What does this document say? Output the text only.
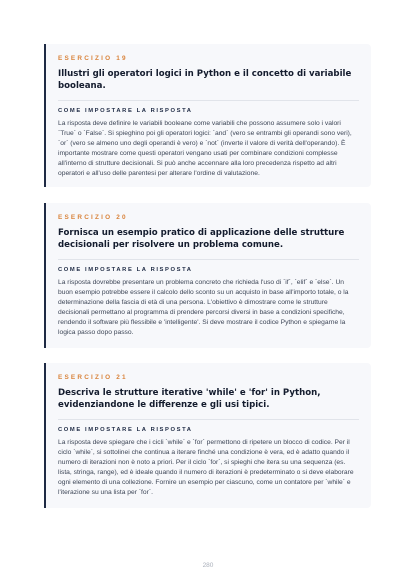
ESERCIZIO 19
Illustri gli operatori logici in Python e il concetto di variabile booleana.
COME IMPOSTARE LA RISPOSTA
La risposta deve definire le variabili booleane come variabili che possono assumere solo i valori `True` o `False`. Si spieghino poi gli operatori logici: `and` (vero se entrambi gli operandi sono veri), `or` (vero se almeno uno degli operandi è vero) e `not` (inverte il valore di verità dell'operando). È importante mostrare come questi operatori vengano usati per combinare condizioni complesse all'interno di strutture decisionali. Si può anche accennare alla loro precedenza rispetto ad altri operatori e all'uso delle parentesi per alterare l'ordine di valutazione.
ESERCIZIO 20
Fornisca un esempio pratico di applicazione delle strutture decisionali per risolvere un problema comune.
COME IMPOSTARE LA RISPOSTA
La risposta dovrebbe presentare un problema concreto che richieda l'uso di `if`, `elif` e `else`. Un buon esempio potrebbe essere il calcolo dello sconto su un acquisto in base all'importo totale, o la determinazione della fascia di età di una persona. L'obiettivo è dimostrare come le strutture decisionali permettano al programma di prendere percorsi diversi in base a condizioni specifiche, rendendo il software più flessibile e 'intelligente'. Si deve mostrare il codice Python e spiegarne la logica passo dopo passo.
ESERCIZIO 21
Descriva le strutture iterative 'while' e 'for' in Python, evidenziandone le differenze e gli usi tipici.
COME IMPOSTARE LA RISPOSTA
La risposta deve spiegare che i cicli `while` e `for` permettono di ripetere un blocco di codice. Per il ciclo `while`, si sottolinei che continua a iterare finché una condizione è vera, ed è adatto quando il numero di iterazioni non è noto a priori. Per il ciclo `for`, si spieghi che itera su una sequenza (es. lista, stringa, range), ed è ideale quando il numero di iterazioni è predeterminato o si deve elaborare ogni elemento di una collezione. Fornire un esempio per ciascuno, come un contatore per `while` e l'iterazione su una lista per `for`.
280
